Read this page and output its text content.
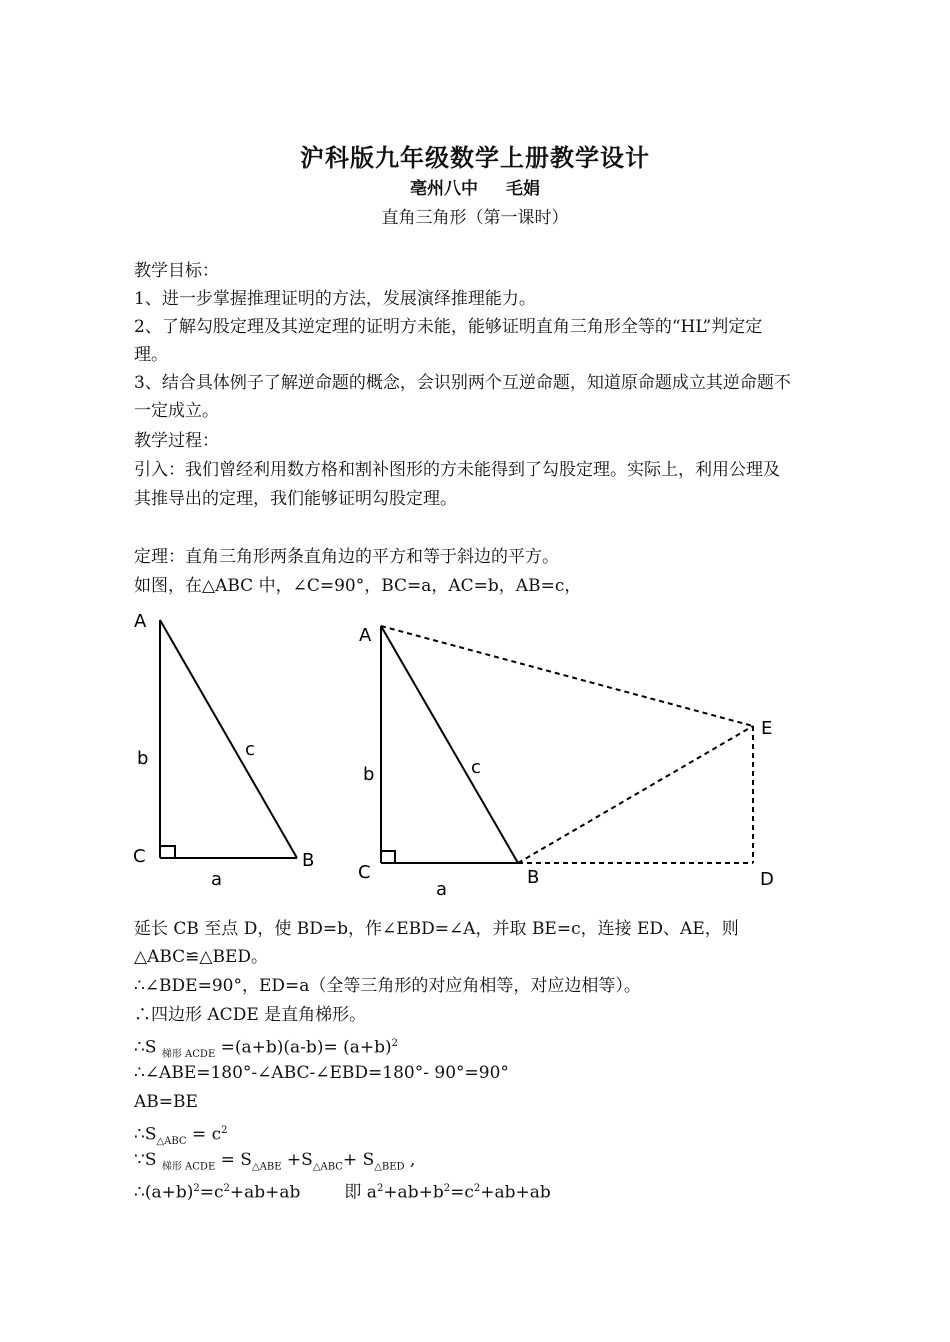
沪科版九年级数学上册教学设计
亳州八中 毛娟
直角三角形（第一课时）
教学目标：
1、进一步掌握推理证明的方法，发展演绎推理能力。
2、了解勾股定理及其逆定理的证明方未能，能够证明直角三角形全等的“HL”判定定
理。
3、结合具体例子了解逆命题的概念，会识别两个互逆命题，知道原命题成立其逆命题不
一定成立。
教学过程：
引入：我们曾经利用数方格和割补图形的方未能得到了勾股定理。实际上，利用公理及
其推导出的定理，我们能够证明勾股定理。
定理：直角三角形两条直角边的平方和等于斜边的平方。
如图，在△ABC 中，∠C=90°，BC=a，AC=b，AB=c，
A
b	c
C	B
a
A
b	c
E
C	B	D
a
延长 CB 至点 D，使 BD=b，作∠EBD=∠A，并取 BE=c，连接 ED、AE，则
△ABC≌△BED。
∴∠BDE=90°，ED=a（全等三角形的对应角相等，对应边相等）。
∴四边形 ACDE 是直角梯形。
∴S $_{梯形 ACDE} =(a+b)(a-b)= (a+b)^2$
∴∠ABE=180°-∠ABC-∠EBD=180°- 90°=90°
AB=BE
$\therefore S_{\triangle ABC} = c^2$
∵S $_{梯形 ACDE} = S_{\triangle ABE} +S_{\triangle ABC}+ S_{\triangle BED}$ ,
$\therefore(a+b)^2=c^2+ab+ab$	即 $a^2+ab+b^2=c^2+ab+ab$
